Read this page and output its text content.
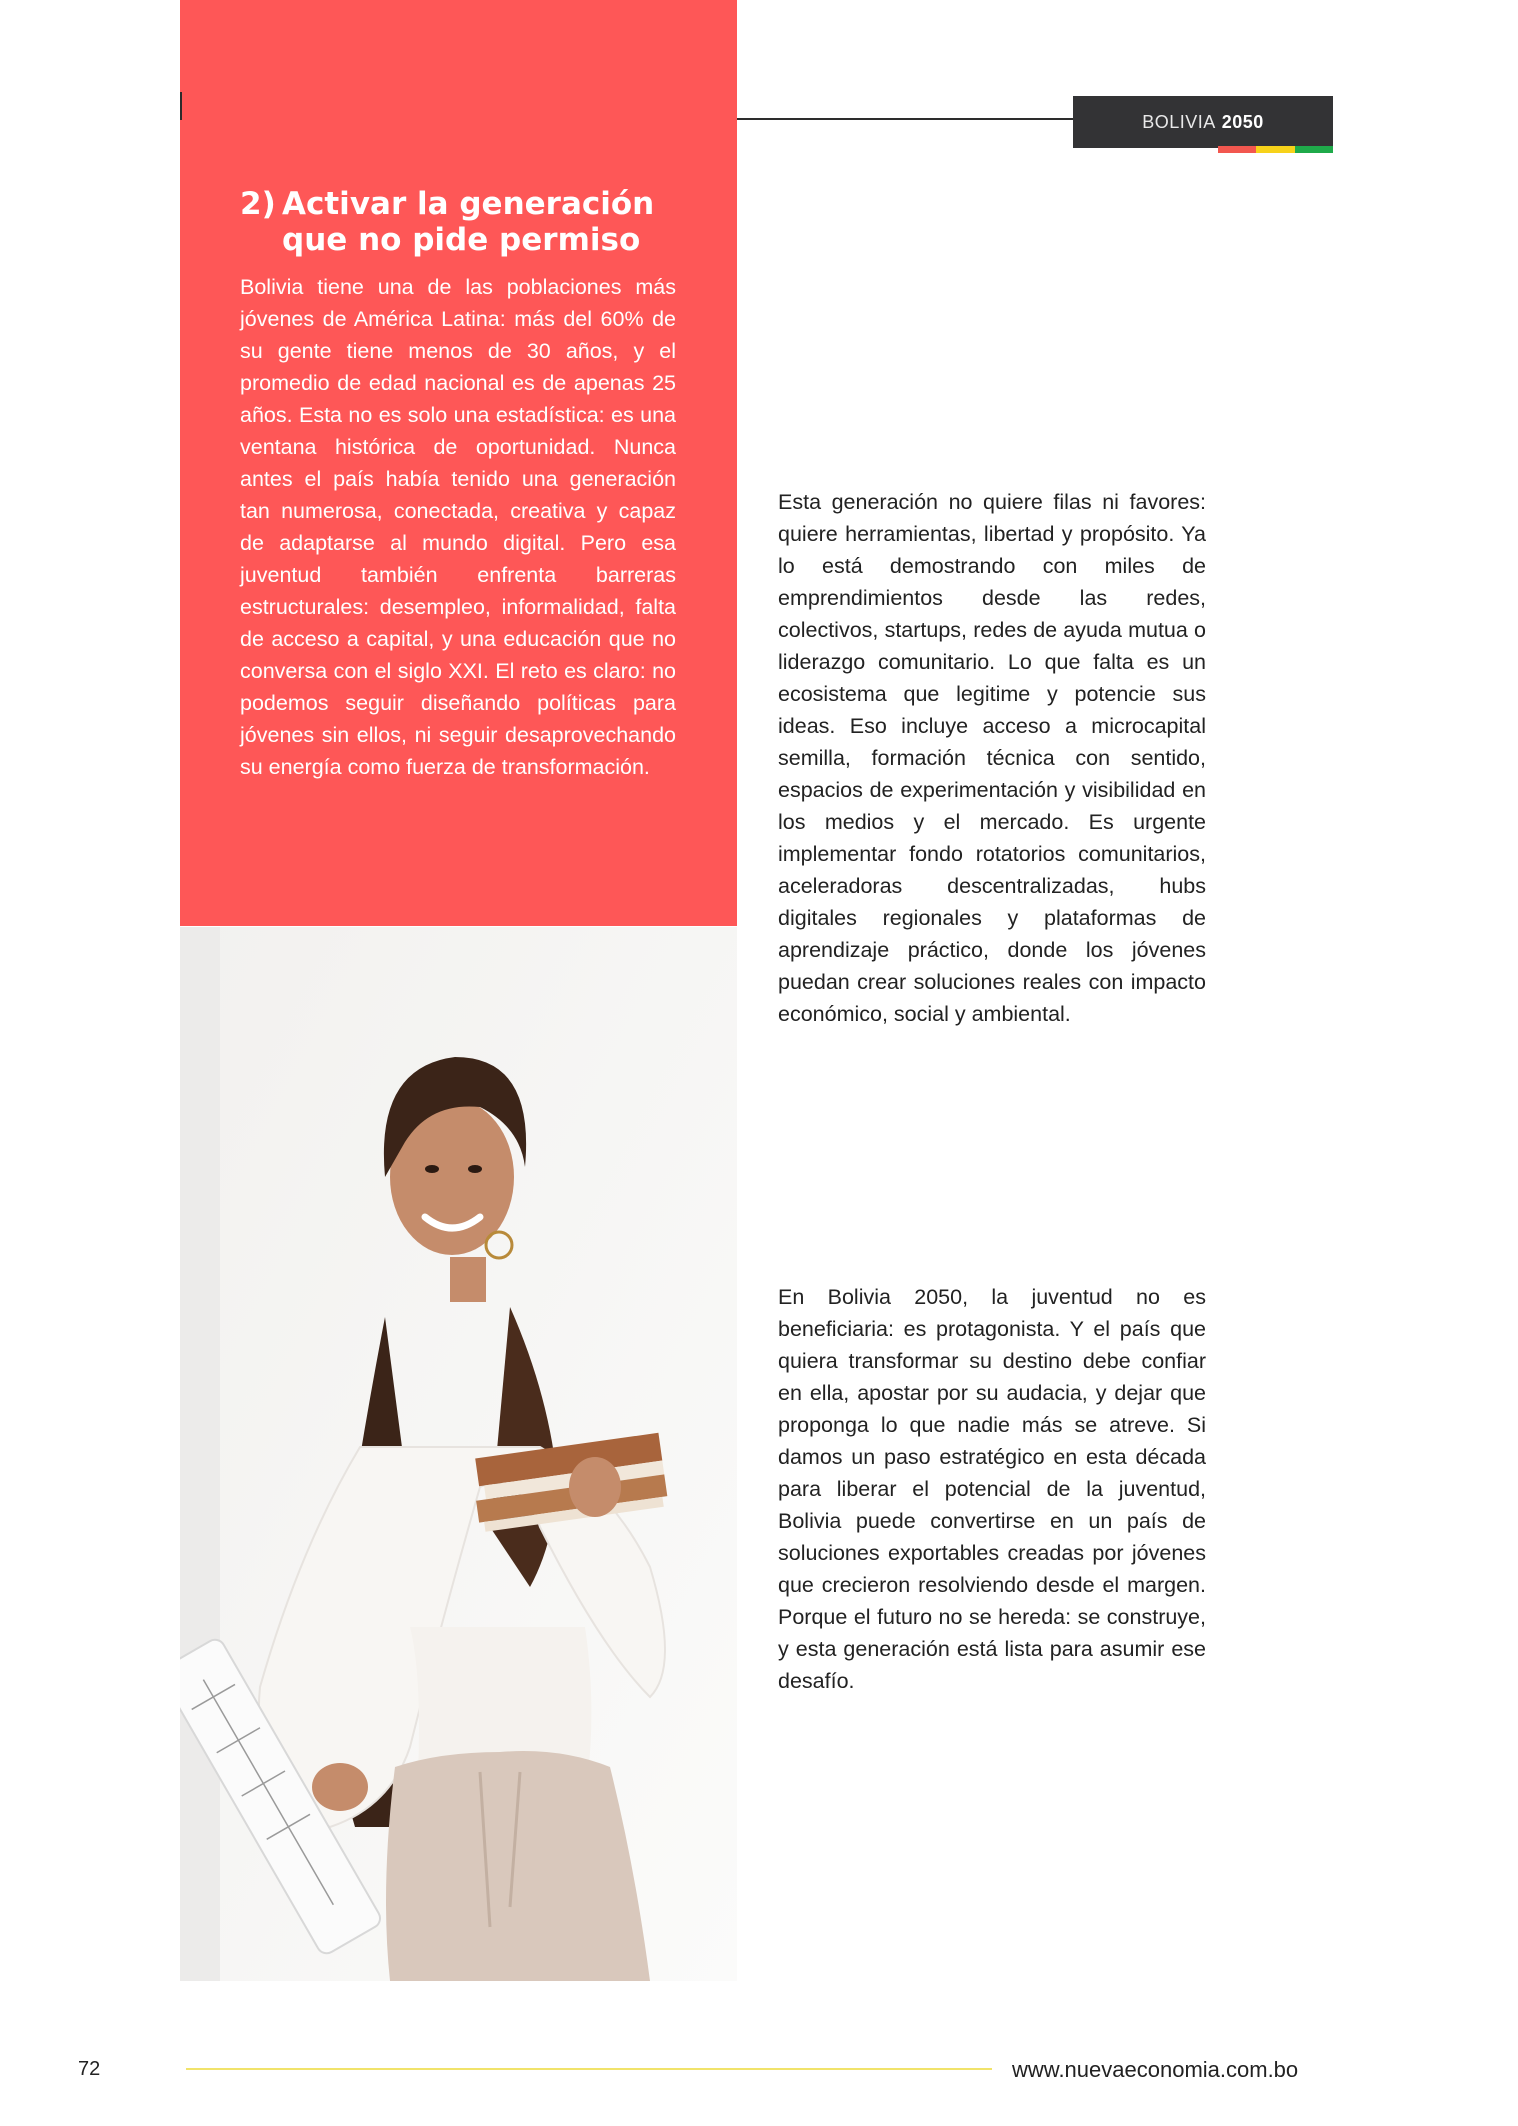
2) Activar la generación
que no pide permiso

Bolivia tiene una de las poblaciones más jóvenes de América Latina: más del 60% de su gente tiene menos de 30 años, y el promedio de edad nacional es de apenas 25 años. Esta no es solo una estadística: es una ventana histórica de oportunidad. Nunca antes el país había tenido una generación tan numerosa, conectada, creativa y capaz de adaptarse al mundo digital. Pero esa juventud también enfrenta barreras estructurales: desempleo, informalidad, falta de acceso a capital, y una educación que no conversa con el siglo XXI. El reto es claro: no podemos seguir diseñando políticas para jóvenes sin ellos, ni seguir desaprovechando su energía como fuerza de transformación.

BOLIVIA 2050

Esta generación no quiere filas ni favores: quiere herramientas, libertad y propósito. Ya lo está demostrando con miles de emprendimientos desde las redes, colectivos, startups, redes de ayuda mutua o liderazgo comunitario. Lo que falta es un ecosistema que legitime y potencie sus ideas. Eso incluye acceso a microcapital semilla, formación técnica con sentido, espacios de experimentación y visibilidad en los medios y el mercado. Es urgente implementar fondo rotatorios comunitarios, aceleradoras descentralizadas, hubs digitales regionales y plataformas de aprendizaje práctico, donde los jóvenes puedan crear soluciones reales con impacto económico, social y ambiental.

En Bolivia 2050, la juventud no es beneficiaria: es protagonista. Y el país que quiera transformar su destino debe confiar en ella, apostar por su audacia, y dejar que proponga lo que nadie más se atreve. Si damos un paso estratégico en esta década para liberar el potencial de la juventud, Bolivia puede convertirse en un país de soluciones exportables creadas por jóvenes que crecieron resolviendo desde el margen. Porque el futuro no se hereda: se construye, y esta generación está lista para asumir ese desafío.

72	www.nuevaeconomia.com.bo
